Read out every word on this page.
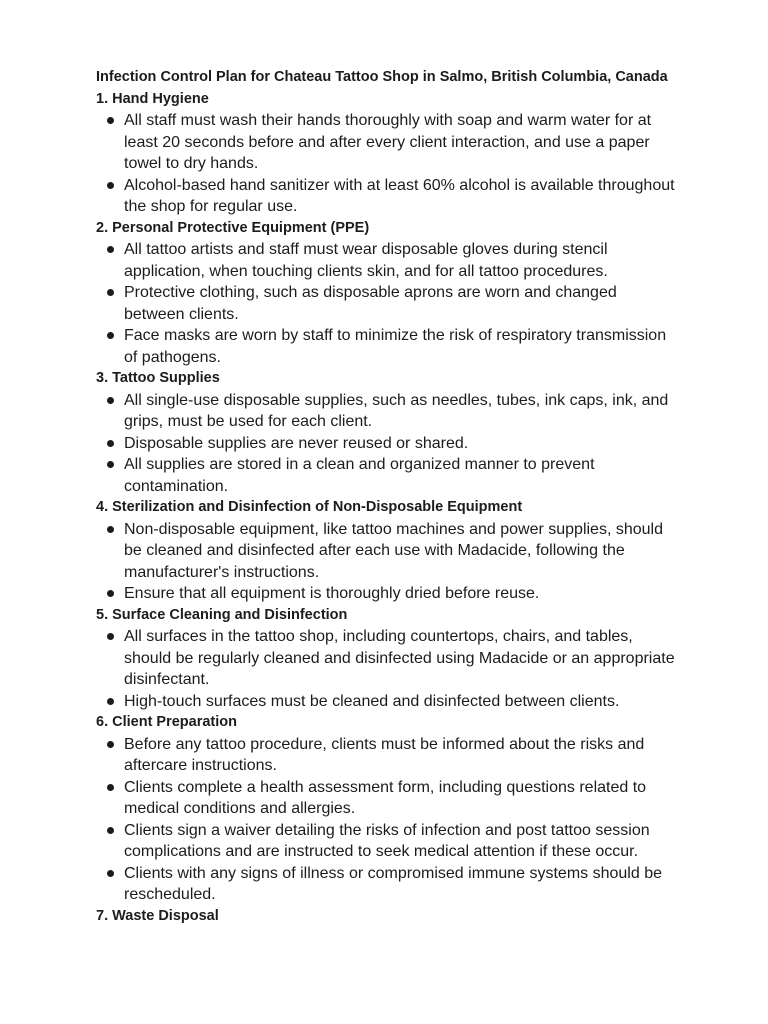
Infection Control Plan for Chateau Tattoo Shop in Salmo, British Columbia, Canada
1. Hand Hygiene
All staff must wash their hands thoroughly with soap and warm water for at least 20 seconds before and after every client interaction, and use a paper towel to dry hands.
Alcohol-based hand sanitizer with at least 60% alcohol is available throughout the shop for regular use.
2. Personal Protective Equipment (PPE)
All tattoo artists and staff must wear disposable gloves during stencil application, when touching clients skin, and for all tattoo procedures.
Protective clothing, such as disposable aprons are worn and changed between clients.
Face masks are worn by staff to minimize the risk of respiratory transmission of pathogens.
3. Tattoo Supplies
All single-use disposable supplies, such as needles, tubes, ink caps, ink, and grips, must be used for each client.
Disposable supplies are never reused or shared.
All supplies are stored in a clean and organized manner to prevent contamination.
4. Sterilization and Disinfection of Non-Disposable Equipment
Non-disposable equipment, like tattoo machines and power supplies, should be cleaned and disinfected after each use with Madacide, following the manufacturer's instructions.
Ensure that all equipment is thoroughly dried before reuse.
5. Surface Cleaning and Disinfection
All surfaces in the tattoo shop, including countertops, chairs, and tables, should be regularly cleaned and disinfected using Madacide or an appropriate disinfectant.
High-touch surfaces must be cleaned and disinfected between clients.
6. Client Preparation
Before any tattoo procedure, clients must be informed about the risks and aftercare instructions.
Clients complete a health assessment form, including questions related to medical conditions and allergies.
Clients sign a waiver detailing the risks of infection and post tattoo session complications and are instructed to seek medical attention if these occur.
Clients with any signs of illness or compromised immune systems should be rescheduled.
7. Waste Disposal
